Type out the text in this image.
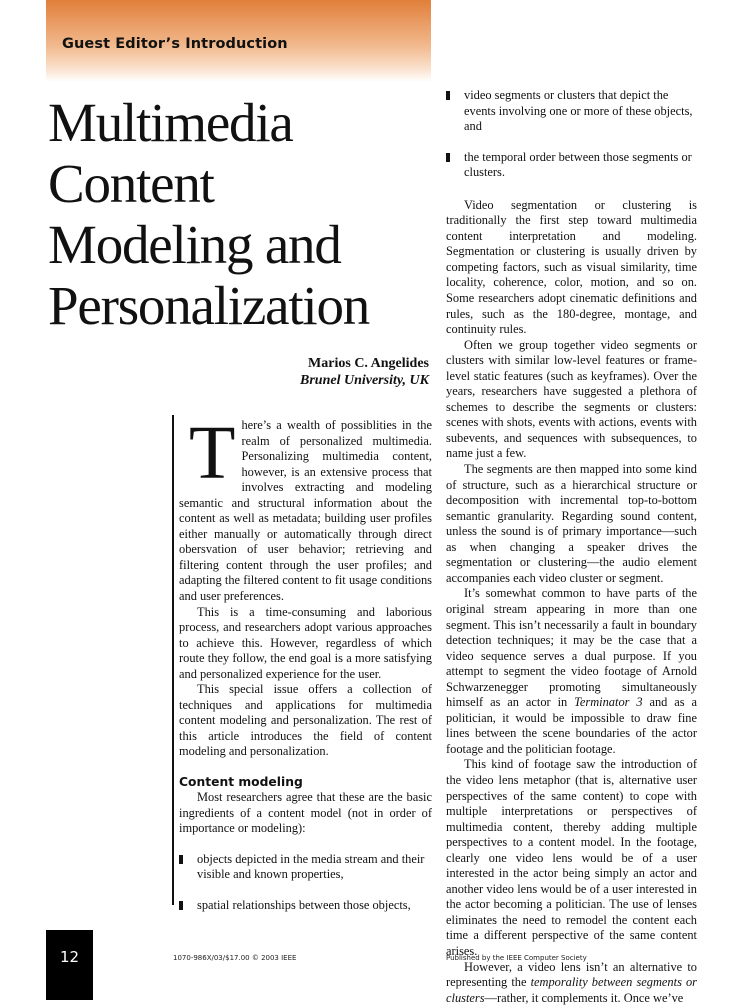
Guest Editor’s Introduction
Multimedia
Content
Modeling and
Personalization
Marios C. Angelides
Brunel University, UK

There’s a wealth of possiblities in the realm of personalized multimedia. Personalizing multimedia content, however, is an extensive process that involves extracting and modeling semantic and structural information about the content as well as metadata; building user profiles either manually or automatically through direct obersvation of user behavior; retrieving and filtering content through the user profiles; and adapting the filtered content to fit usage conditions and user preferences.

This is a time-consuming and laborious process, and researchers adopt various approaches to achieve this. However, regardless of which route they follow, the end goal is a more satisfying and personalized experience for the user.

This special issue offers a collection of techniques and applications for multimedia content modeling and personalization. The rest of this article introduces the field of content modeling and personalization.

Content modeling

Most researchers agree that these are the basic ingredients of a content model (not in order of importance or modeling):

objects depicted in the media stream and their visible and known properties,
spatial relationships between those objects,
video segments or clusters that depict the events involving one or more of these objects, and
the temporal order between those segments or clusters.

Video segmentation or clustering is traditionally the first step toward multimedia content interpretation and modeling. Segmentation or clustering is usually driven by competing factors, such as visual similarity, time locality, coherence, color, motion, and so on. Some researchers adopt cinematic definitions and rules, such as the 180-degree, montage, and continuity rules.

Often we group together video segments or clusters with similar low-level features or frame-level static features (such as keyframes). Over the years, researchers have suggested a plethora of schemes to describe the segments or clusters: scenes with shots, events with actions, events with subevents, and sequences with subsequences, to name just a few.

The segments are then mapped into some kind of structure, such as a hierarchical structure or decomposition with incremental top-to-bottom semantic granularity. Regarding sound content, unless the sound is of primary importance—such as when changing a speaker drives the segmentation or clustering—the audio element accompanies each video cluster or segment.

It’s somewhat common to have parts of the original stream appearing in more than one segment. This isn’t necessarily a fault in boundary detection techniques; it may be the case that a video sequence serves a dual purpose. If you attempt to segment the video footage of Arnold Schwarzenegger promoting simultaneously himself as an actor in Terminator 3 and as a politician, it would be impossible to draw fine lines between the scene boundaries of the actor footage and the politician footage.

This kind of footage saw the introduction of the video lens metaphor (that is, alternative user perspectives of the same content) to cope with multiple interpretations or perspectives of multimedia content, thereby adding multiple perspectives to a content model. In the footage, clearly one video lens would be of a user interested in the actor being simply an actor and another video lens would be of a user interested in the actor becoming a politician. The use of lenses eliminates the need to remodel the content each time a different perspective of the same content arises.

However, a video lens isn’t an alternative to representing the temporality between segments or clusters—rather, it complements it. Once we’ve

12	1070-986X/03/$17.00 © 2003 IEEE	Published by the IEEE Computer Society
